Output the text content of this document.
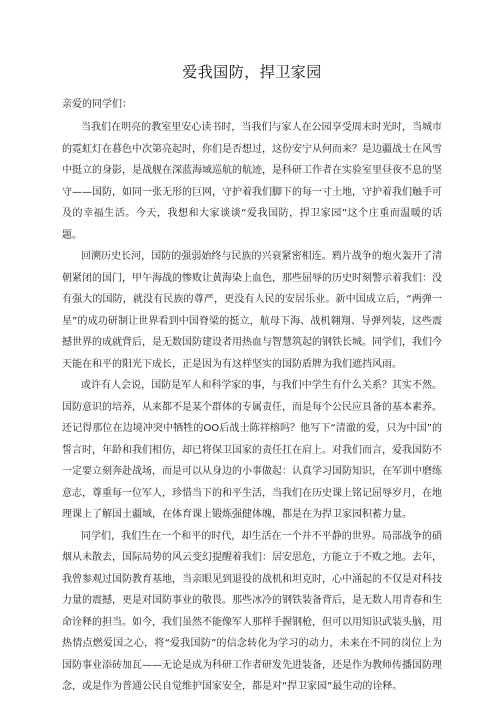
爱我国防，捍卫家园

亲爱的同学们：

当我们在明亮的教室里安心读书时，当我们与家人在公园享受周末时光时，当城市的霓虹灯在暮色中次第亮起时，你们是否想过，这份安宁从何而来？是边疆战士在风雪中挺立的身影，是战舰在深蓝海域巡航的航迹，是科研工作者在实验室里昼夜不息的坚守——国防，如同一张无形的巨网，守护着我们脚下的每一寸土地，守护着我们触手可及的幸福生活。今天，我想和大家谈谈“爱我国防，捍卫家园”这个庄重而温暖的话题。

回溯历史长河，国防的强弱始终与民族的兴衰紧密相连。鸦片战争的炮火轰开了清朝紧闭的国门，甲午海战的惨败让黄海染上血色，那些屈辱的历史时刻警示着我们：没有强大的国防，就没有民族的尊严，更没有人民的安居乐业。新中国成立后，“两弹一星”的成功研制让世界看到中国脊梁的挺立，航母下海、战机翱翔、导弹列装，这些震撼世界的成就背后，是无数国防建设者用热血与智慧筑起的钢铁长城。同学们，我们今天能在和平的阳光下成长，正是因为有这样坚实的国防盾牌为我们遮挡风雨。

或许有人会说，国防是军人和科学家的事，与我们中学生有什么关系？其实不然。国防意识的培养，从来都不是某个群体的专属责任，而是每个公民应具备的基本素养。还记得那位在边境冲突中牺牲的OO后战士陈祥榕吗？他写下“清澈的爱，只为中国”的誓言时，年龄和我们相仿，却已将保卫国家的责任扛在肩上。对我们而言，爱我国防不一定要立刻奔赴战场，而是可以从身边的小事做起：认真学习国防知识，在军训中磨练意志，尊重每一位军人，珍惜当下的和平生活，当我们在历史课上铭记屈辱岁月，在地理课上了解国土疆域，在体育课上锻炼强健体魄，都是在为捍卫家园积蓄力量。

同学们，我们生在一个和平的时代，却生活在一个并不平静的世界。局部战争的硝烟从未散去，国际局势的风云变幻提醒着我们：居安思危，方能立于不败之地。去年，我曾参观过国防教育基地，当亲眼见到退役的战机和坦克时，心中涌起的不仅是对科技力量的震撼，更是对国防事业的敬畏。那些冰冷的钢铁装备背后，是无数人用青春和生命诠释的担当。如今，我们虽然不能像军人那样手握钢枪，但可以用知识武装头脑，用热情点燃爱国之心，将“爱我国防”的信念转化为学习的动力，未来在不同的岗位上为国防事业添砖加瓦——无论是成为科研工作者研发先进装备，还是作为教师传播国防理念，或是作为普通公民自觉维护国家安全，都是对“捍卫家园”最生动的诠释。
